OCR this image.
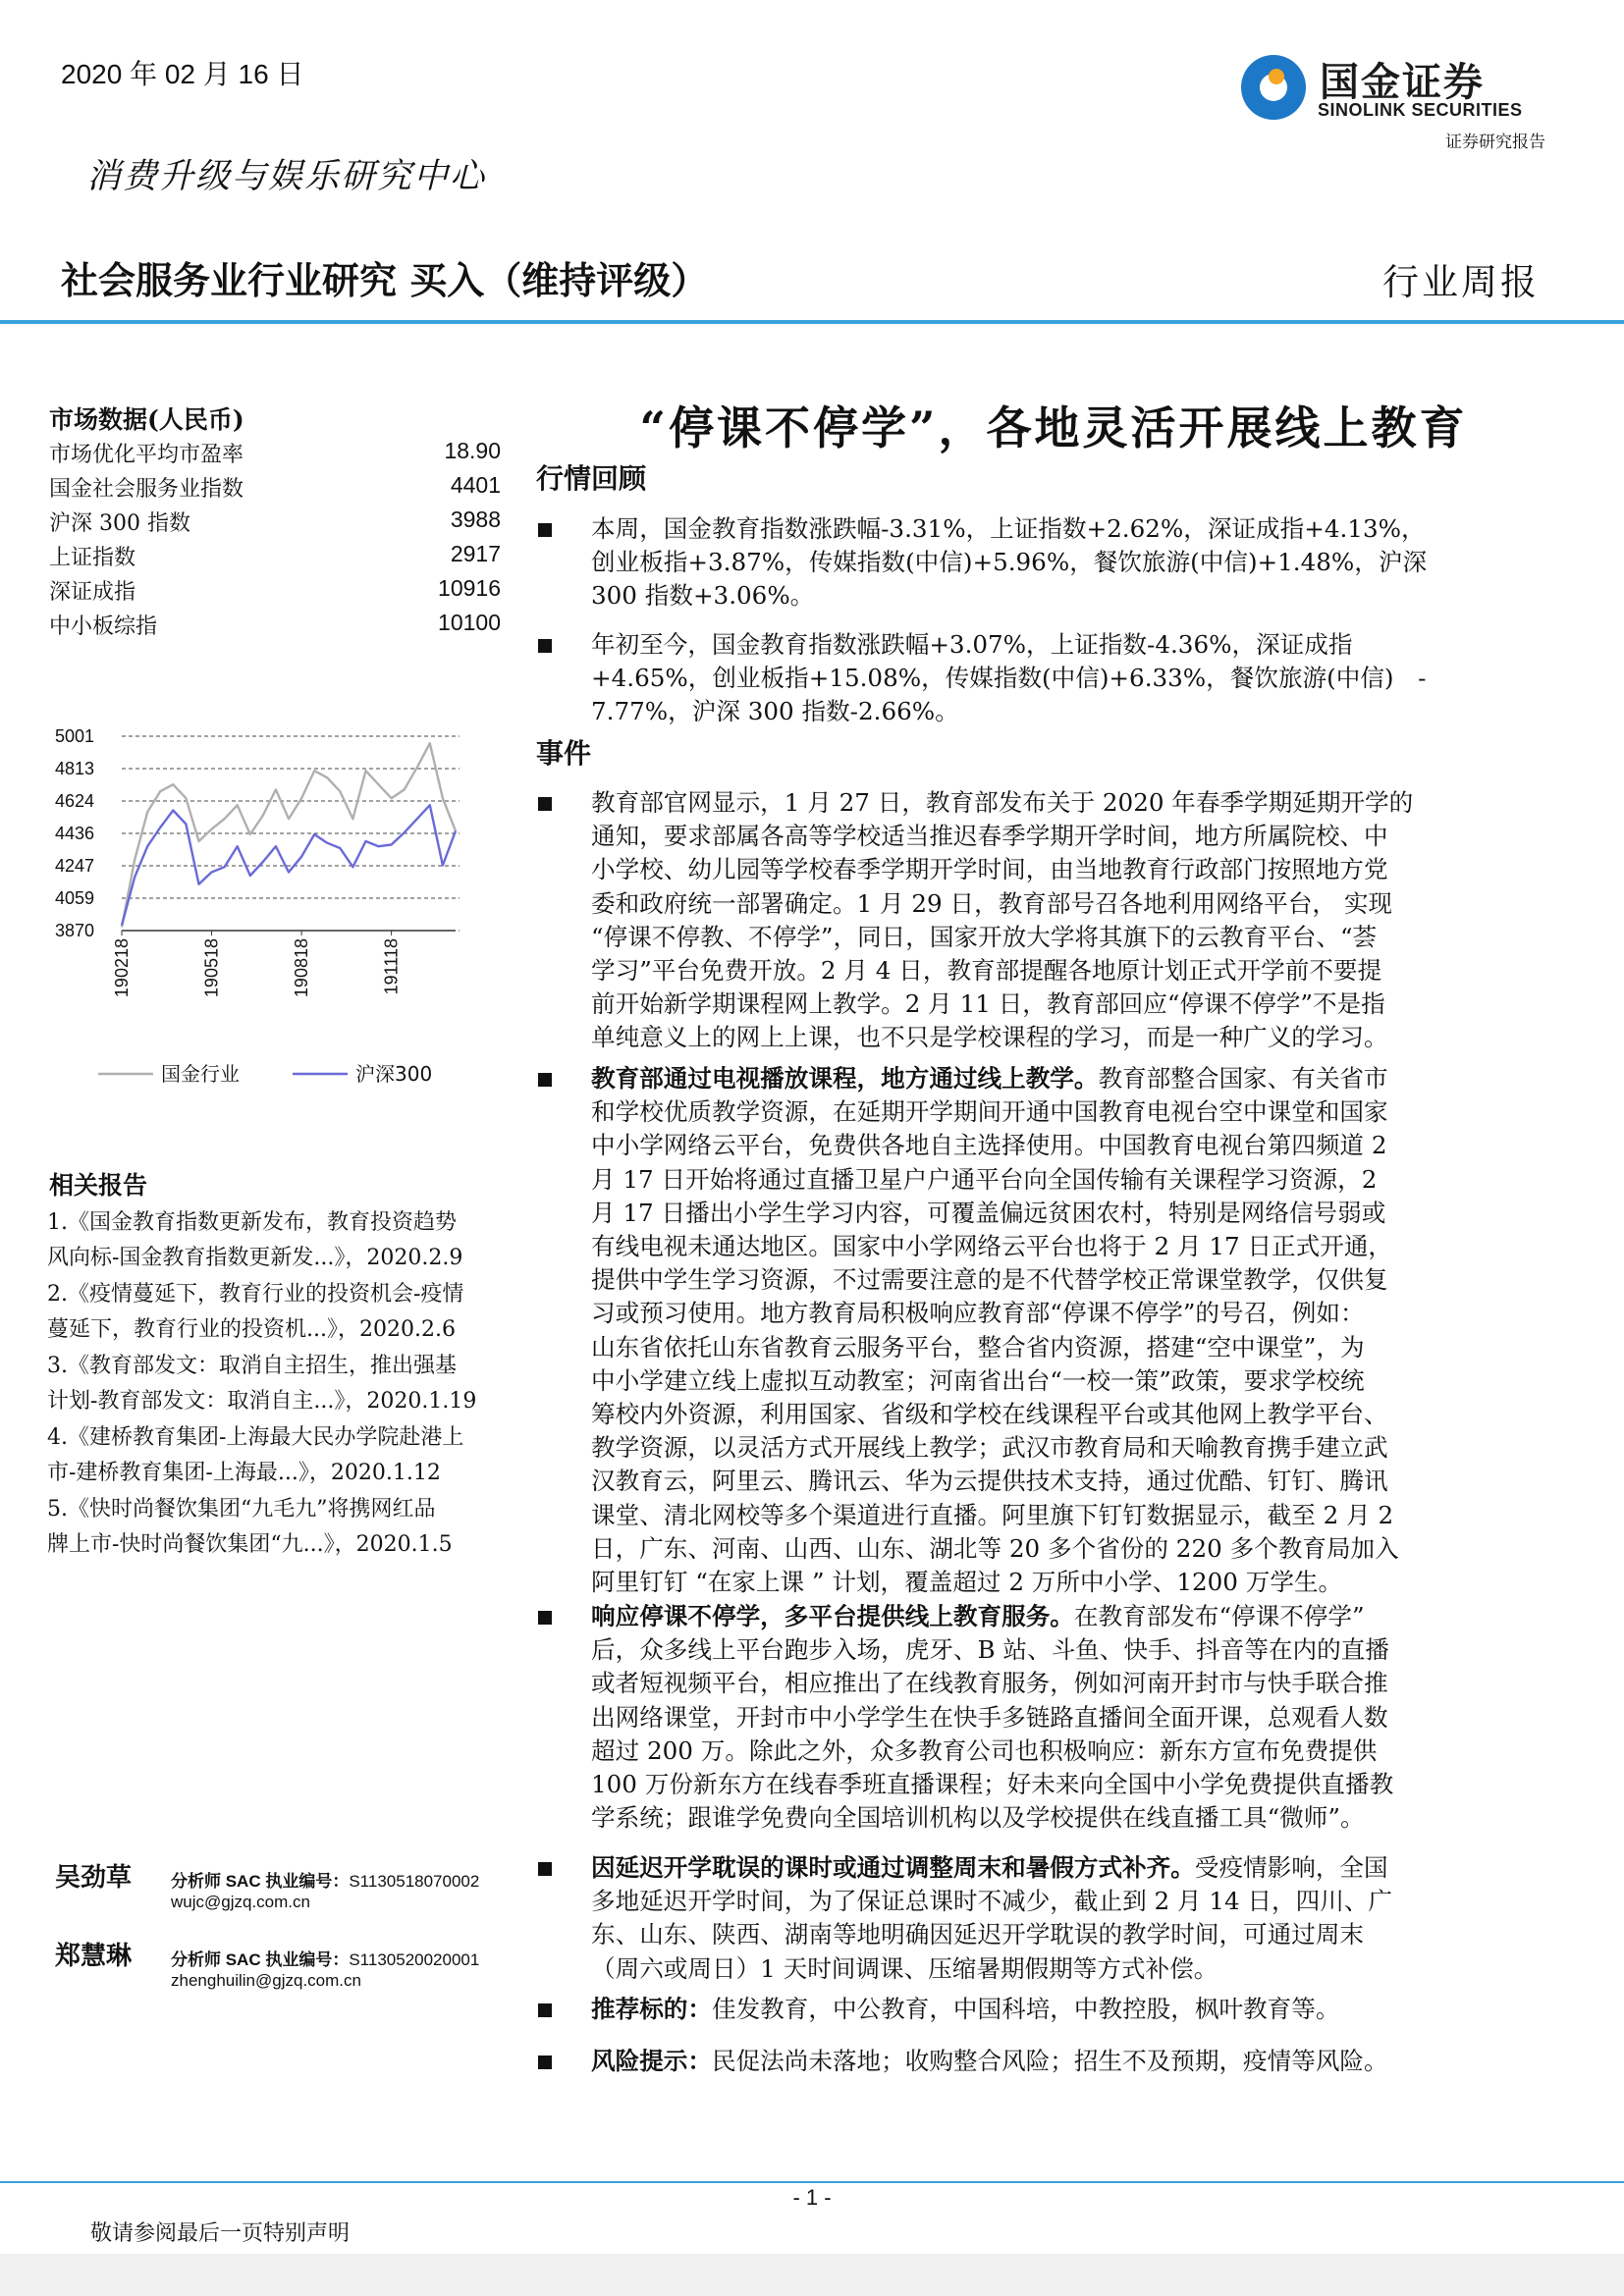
2020 年 02 月 16 日	国金证券
SINOLINK SECURITIES
证券研究报告
消费升级与娱乐研究中心
社会服务业行业研究 买入（维持评级）	行业周报
市场数据(人民币)
市场优化平均市盈率	18.90
国金社会服务业指数	4401
沪深 300 指数	3988
上证指数	2917
深证成指	10916
中小板综指	10100
5001
4813
4624
4436
4247
4059
3870
190218	190518	190818	191118
国金行业	沪深300
相关报告
1.《国金教育指数更新发布，教育投资趋势
风向标-国金教育指数更新发...》，2020.2.9
2.《疫情蔓延下，教育行业的投资机会-疫情
蔓延下，教育行业的投资机...》，2020.2.6
3.《教育部发文：取消自主招生，推出强基
计划-教育部发文：取消自主...》，2020.1.19
4.《建桥教育集团-上海最大民办学院赴港上
市-建桥教育集团-上海最...》，2020.1.12
5.《快时尚餐饮集团“九毛九”将携网红品
牌上市-快时尚餐饮集团“九...》，2020.1.5
吴劲草 分析师 SAC 执业编号：S1130518070002
wujc@gjzq.com.cn
郑慧琳 分析师 SAC 执业编号：S1130520020001
zhenghuilin@gjzq.com.cn
“停课不停学”，各地灵活开展线上教育
行情回顾
本周，国金教育指数涨跌幅-3.31%，上证指数+2.62%，深证成指+4.13%，
创业板指+3.87%，传媒指数(中信)+5.96%，餐饮旅游(中信)+1.48%，沪深
300 指数+3.06%。
年初至今，国金教育指数涨跌幅+3.07%，上证指数-4.36%，深证成指
+4.65%，创业板指+15.08%，传媒指数(中信)+6.33%，餐饮旅游(中信)　-
7.77%，沪深 300 指数-2.66%。
事件
教育部官网显示，1 月 27 日，教育部发布关于 2020 年春季学期延期开学的
通知，要求部属各高等学校适当推迟春季学期开学时间，地方所属院校、中
小学校、幼儿园等学校春季学期开学时间，由当地教育行政部门按照地方党
委和政府统一部署确定。1 月 29 日，教育部号召各地利用网络平台， 实现
“停课不停教、不停学”，同日，国家开放大学将其旗下的云教育平台、“荟
学习”平台免费开放。2 月 4 日，教育部提醒各地原计划正式开学前不要提
前开始新学期课程网上教学。2 月 11 日，教育部回应“停课不停学”不是指
单纯意义上的网上上课，也不只是学校课程的学习，而是一种广义的学习。
教育部通过电视播放课程，地方通过线上教学。教育部整合国家、有关省市
和学校优质教学资源，在延期开学期间开通中国教育电视台空中课堂和国家
中小学网络云平台，免费供各地自主选择使用。中国教育电视台第四频道 2
月 17 日开始将通过直播卫星户户通平台向全国传输有关课程学习资源，2
月 17 日播出小学生学习内容，可覆盖偏远贫困农村，特别是网络信号弱或
有线电视未通达地区。国家中小学网络云平台也将于 2 月 17 日正式开通，
提供中学生学习资源，不过需要注意的是不代替学校正常课堂教学，仅供复
习或预习使用。地方教育局积极响应教育部“停课不停学”的号召，例如：
山东省依托山东省教育云服务平台，整合省内资源，搭建“空中课堂”，为
中小学建立线上虚拟互动教室；河南省出台“一校一策”政策，要求学校统
筹校内外资源，利用国家、省级和学校在线课程平台或其他网上教学平台、
教学资源，以灵活方式开展线上教学；武汉市教育局和天喻教育携手建立武
汉教育云，阿里云、腾讯云、华为云提供技术支持，通过优酷、钉钉、腾讯
课堂、清北网校等多个渠道进行直播。阿里旗下钉钉数据显示，截至 2 月 2
日，广东、河南、山西、山东、湖北等 20 多个省份的 220 多个教育局加入
阿里钉钉 “在家上课 ” 计划，覆盖超过 2 万所中小学、1200 万学生。
响应停课不停学，多平台提供线上教育服务。在教育部发布“停课不停学”
后，众多线上平台跑步入场，虎牙、B 站、斗鱼、快手、抖音等在内的直播
或者短视频平台，相应推出了在线教育服务，例如河南开封市与快手联合推
出网络课堂，开封市中小学学生在快手多链路直播间全面开课，总观看人数
超过 200 万。除此之外，众多教育公司也积极响应：新东方宣布免费提供
100 万份新东方在线春季班直播课程；好未来向全国中小学免费提供直播教
学系统；跟谁学免费向全国培训机构以及学校提供在线直播工具“微师”。
因延迟开学耽误的课时或通过调整周末和暑假方式补齐。受疫情影响，全国
多地延迟开学时间，为了保证总课时不减少，截止到 2 月 14 日，四川、广
东、山东、陕西、湖南等地明确因延迟开学耽误的教学时间，可通过周末
（周六或周日）1 天时间调课、压缩暑期假期等方式补偿。
推荐标的：佳发教育，中公教育，中国科培，中教控股，枫叶教育等。
风险提示：民促法尚未落地；收购整合风险；招生不及预期，疫情等风险。
- 1 -
敬请参阅最后一页特别声明
